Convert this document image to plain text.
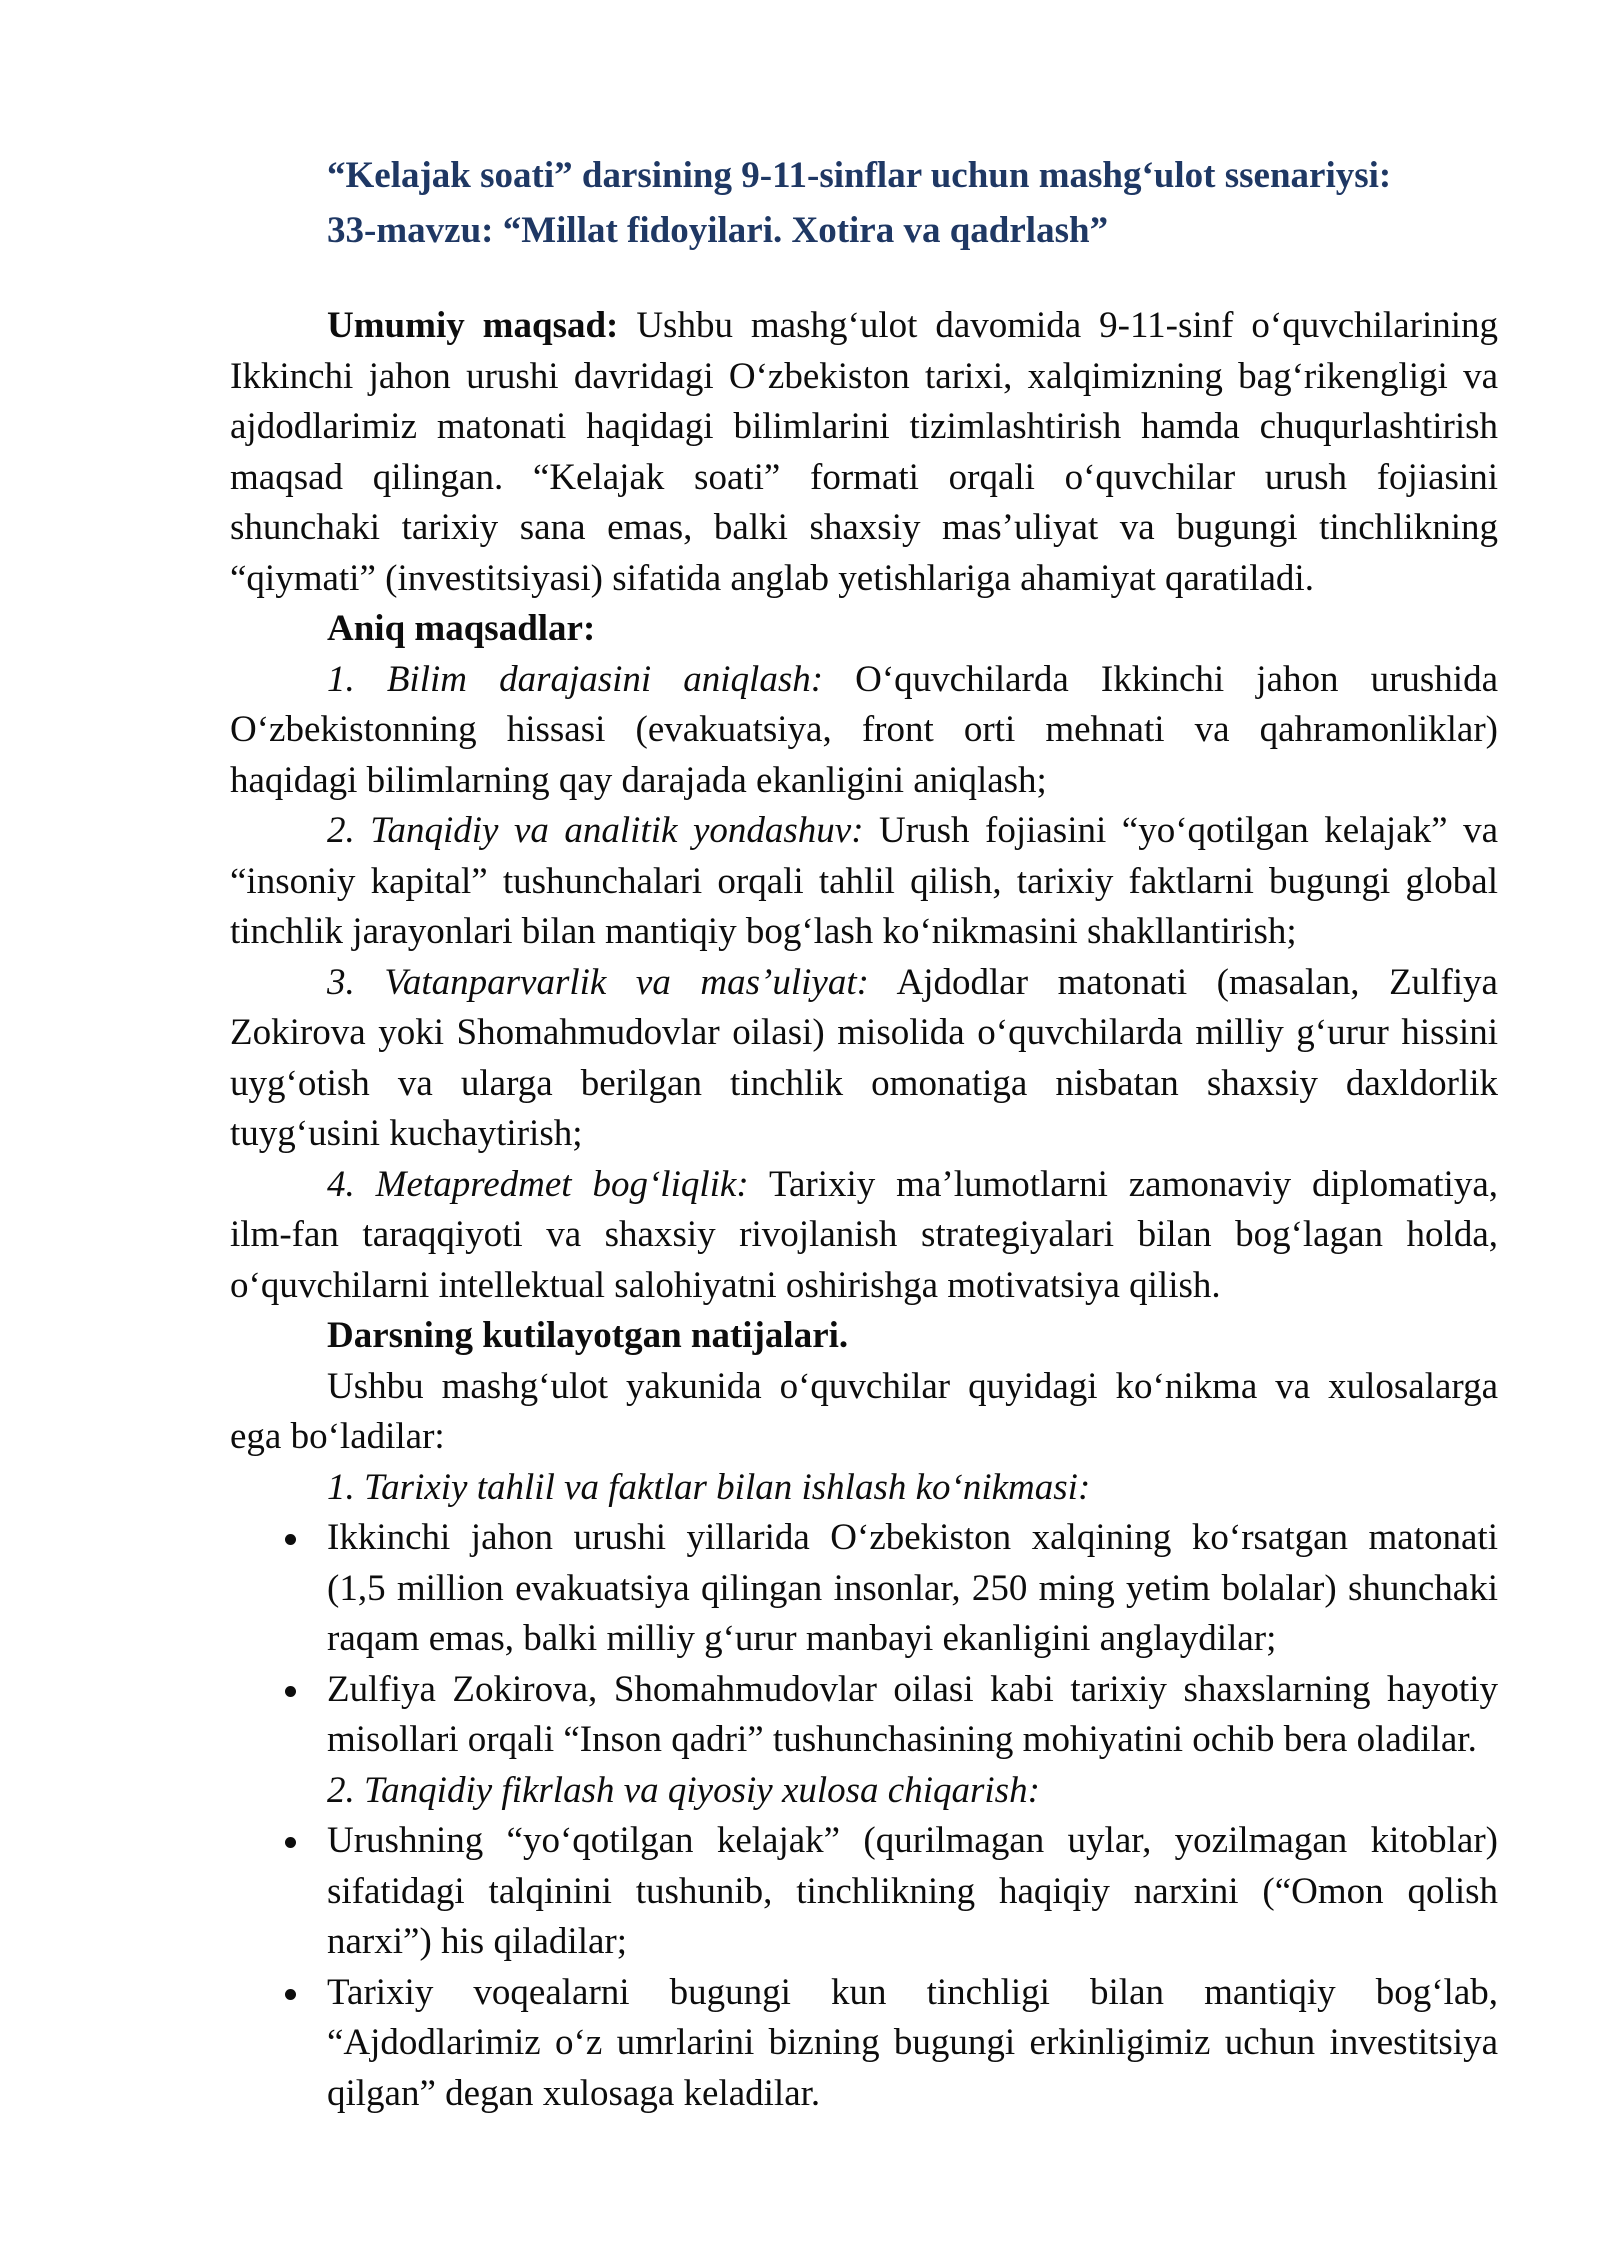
“Kelajak soati” darsining 9-11-sinflar uchun mashg‘ulot ssenariysi:
33-mavzu: “Millat fidoyilari. Xotira va qadrlash”
Umumiy maqsad: Ushbu mashg‘ulot davomida 9-11-sinf o‘quvchilarining
Ikkinchi jahon urushi davridagi O‘zbekiston tarixi, xalqimizning bag‘rikengligi va
ajdodlarimiz matonati haqidagi bilimlarini tizimlashtirish hamda chuqurlashtirish
maqsad qilingan. “Kelajak soati” formati orqali o‘quvchilar urush fojiasini
shunchaki tarixiy sana emas, balki shaxsiy mas’uliyat va bugungi tinchlikning
“qiymati” (investitsiyasi) sifatida anglab yetishlariga ahamiyat qaratiladi.
Aniq maqsadlar:
1. Bilim darajasini aniqlash: O‘quvchilarda Ikkinchi jahon urushida
O‘zbekistonning hissasi (evakuatsiya, front orti mehnati va qahramonliklar)
haqidagi bilimlarning qay darajada ekanligini aniqlash;
2. Tanqidiy va analitik yondashuv: Urush fojiasini “yo‘qotilgan kelajak” va
“insoniy kapital” tushunchalari orqali tahlil qilish, tarixiy faktlarni bugungi global
tinchlik jarayonlari bilan mantiqiy bog‘lash ko‘nikmasini shakllantirish;
3. Vatanparvarlik va mas’uliyat: Ajdodlar matonati (masalan, Zulfiya
Zokirova yoki Shomahmudovlar oilasi) misolida o‘quvchilarda milliy g‘urur hissini
uyg‘otish va ularga berilgan tinchlik omonatiga nisbatan shaxsiy daxldorlik
tuyg‘usini kuchaytirish;
4. Metapredmet bog‘liqlik: Tarixiy ma’lumotlarni zamonaviy diplomatiya,
ilm-fan taraqqiyoti va shaxsiy rivojlanish strategiyalari bilan bog‘lagan holda,
o‘quvchilarni intellektual salohiyatni oshirishga motivatsiya qilish.
Darsning kutilayotgan natijalari.
Ushbu mashg‘ulot yakunida o‘quvchilar quyidagi ko‘nikma va xulosalarga
ega bo‘ladilar:
1. Tarixiy tahlil va faktlar bilan ishlash ko‘nikmasi:
Ikkinchi jahon urushi yillarida O‘zbekiston xalqining ko‘rsatgan matonati
(1,5 million evakuatsiya qilingan insonlar, 250 ming yetim bolalar) shunchaki
raqam emas, balki milliy g‘urur manbayi ekanligini anglaydilar;
Zulfiya Zokirova, Shomahmudovlar oilasi kabi tarixiy shaxslarning hayotiy
misollari orqali “Inson qadri” tushunchasining mohiyatini ochib bera oladilar.
2. Tanqidiy fikrlash va qiyosiy xulosa chiqarish:
Urushning “yo‘qotilgan kelajak” (qurilmagan uylar, yozilmagan kitoblar)
sifatidagi talqinini tushunib, tinchlikning haqiqiy narxini (“Omon qolish
narxi”) his qiladilar;
Tarixiy voqealarni bugungi kun tinchligi bilan mantiqiy bog‘lab,
“Ajdodlarimiz o‘z umrlarini bizning bugungi erkinligimiz uchun investitsiya
qilgan” degan xulosaga keladilar.
